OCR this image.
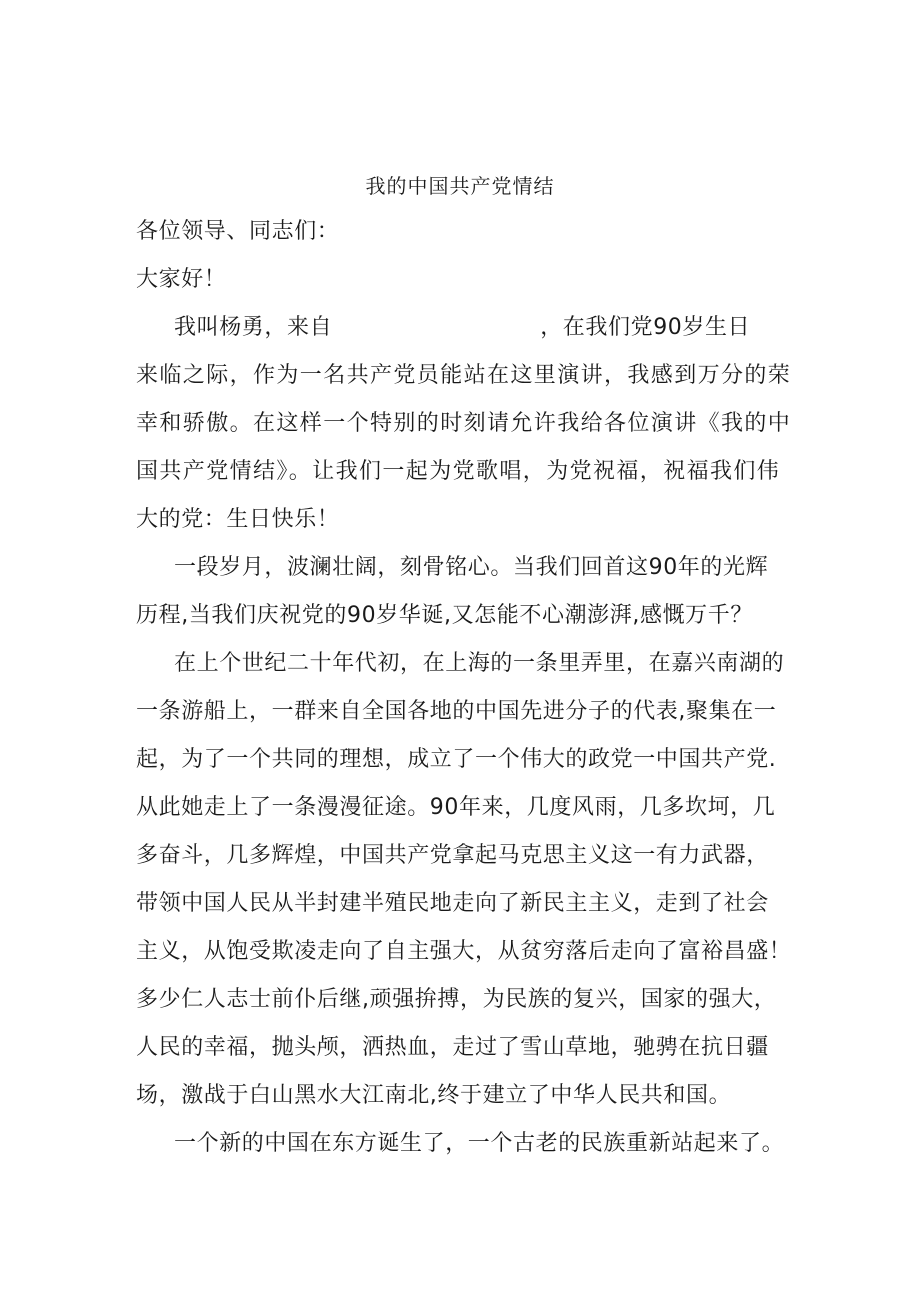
我的中国共产党情结
各位领导、同志们：
大家好！
我叫杨勇，来自	，在我们党90岁生日
来临之际，作为一名共产党员能站在这里演讲，我感到万分的荣
幸和骄傲。在这样一个特别的时刻请允许我给各位演讲《我的中
国共产党情结》。让我们一起为党歌唱，为党祝福，祝福我们伟
大的党：生日快乐！
一段岁月，波澜壮阔，刻骨铭心。当我们回首这90年的光辉
历程,当我们庆祝党的90岁华诞,又怎能不心潮澎湃,感慨万千？
在上个世纪二十年代初，在上海的一条里弄里，在嘉兴南湖的
一条游船上，一群来自全国各地的中国先进分子的代表,聚集在一
起，为了一个共同的理想，成立了一个伟大的政党一中国共产党.
从此她走上了一条漫漫征途。90年来，几度风雨，几多坎坷，几
多奋斗，几多辉煌，中国共产党拿起马克思主义这一有力武器，
带领中国人民从半封建半殖民地走向了新民主主义，走到了社会
主义，从饱受欺凌走向了自主强大，从贫穷落后走向了富裕昌盛！
多少仁人志士前仆后继,顽强拚搏，为民族的复兴，国家的强大，
人民的幸福，抛头颅，洒热血，走过了雪山草地，驰骋在抗日疆
场，激战于白山黑水大江南北,终于建立了中华人民共和国。
一个新的中国在东方诞生了，一个古老的民族重新站起来了。
